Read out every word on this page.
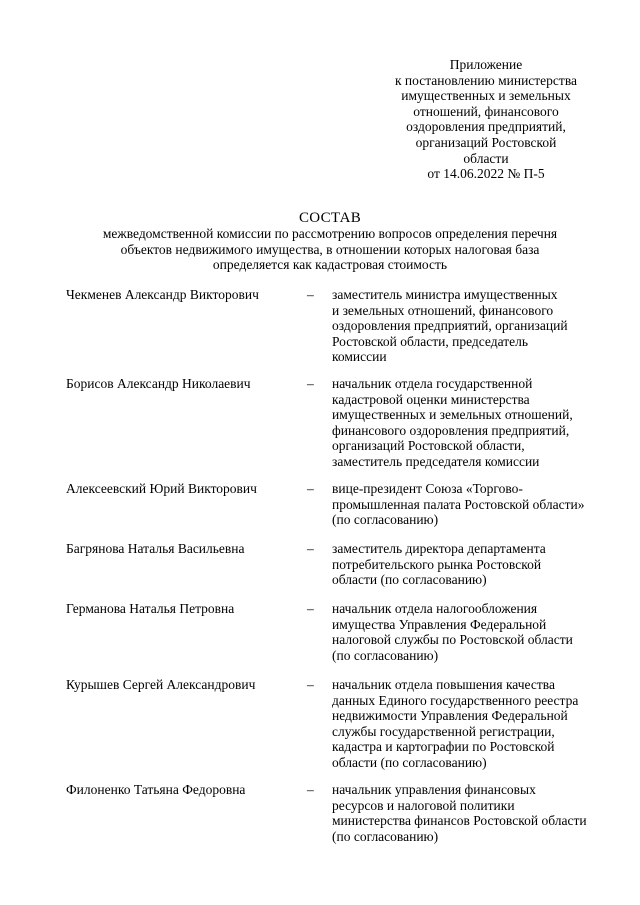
Приложение
к постановлению министерства
имущественных и земельных
отношений, финансового
оздоровления предприятий,
организаций Ростовской
области
от 14.06.2022 № П-5
СОСТАВ
межведомственной комиссии по рассмотрению вопросов определения перечня
объектов недвижимого имущества, в отношении которых налоговая база
определяется как кадастровая стоимость
Чекменев Александр Викторович	– заместитель министра имущественных
и земельных отношений, финансового
оздоровления предприятий, организаций
Ростовской области, председатель
комиссии
Борисов Александр Николаевич	– начальник отдела государственной
кадастровой оценки министерства
имущественных и земельных отношений,
финансового оздоровления предприятий,
организаций Ростовской области,
заместитель председателя комиссии
Алексеевский Юрий Викторович	– вице-президент Союза «Торгово-
промышленная палата Ростовской области»
(по согласованию)
Багрянова Наталья Васильевна	– заместитель директора департамента
потребительского рынка Ростовской
области (по согласованию)
Германова Наталья Петровна	– начальник отдела налогообложения
имущества Управления Федеральной
налоговой службы по Ростовской области
(по согласованию)
Курышев Сергей Александрович	– начальник отдела повышения качества
данных Единого государственного реестра
недвижимости Управления Федеральной
службы государственной регистрации,
кадастра и картографии по Ростовской
области (по согласованию)
Филоненко Татьяна Федоровна	– начальник управления финансовых
ресурсов и налоговой политики
министерства финансов Ростовской области
(по согласованию)
